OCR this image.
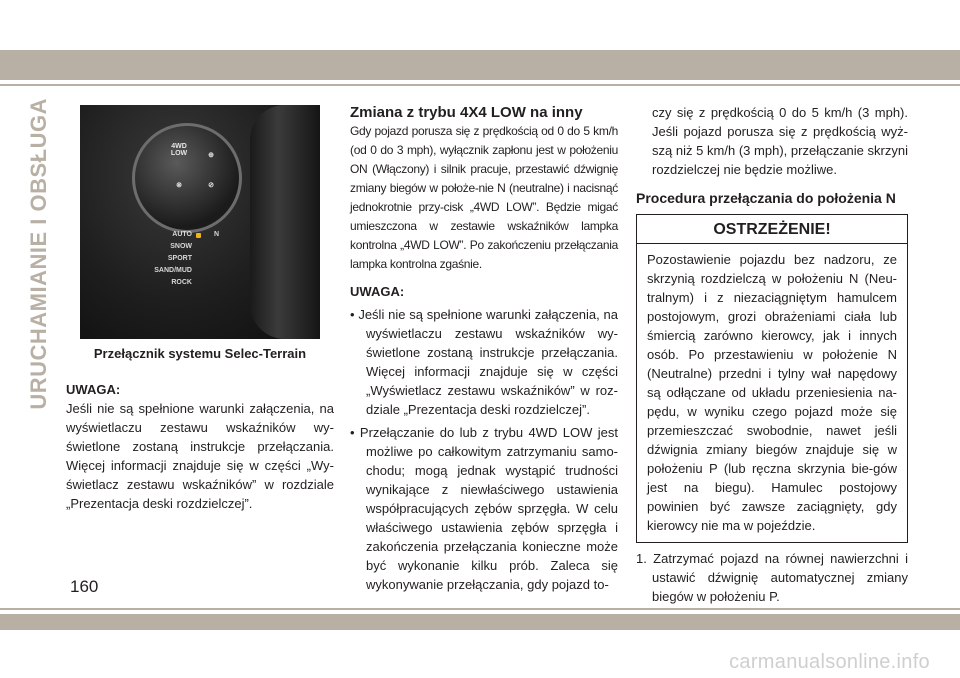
URUCHAMIANIE I OBSŁUGA	4WD LOW	⊕
⊗	⊘
AUTO
SNOW
SPORT
SAND/MUD
ROCK
N
Przełącznik systemu Selec-Terrain

UWAGA:

Jeśli nie są spełnione warunki załączenia, na wyświetlaczu zestawu wskaźników wy-świetlone zostaną instrukcje przełączania. Więcej informacji znajduje się w części „Wy-świetlacz zestawu wskaźników” w rozdziale „Prezentacja deski rozdzielczej”.

Zmiana z trybu 4X4 LOW na inny

Gdy pojazd porusza się z prędkością od 0 do 5 km/h (od 0 do 3 mph), wyłącznik zapłonu jest w położeniu ON (Włączony) i silnik pracuje, przestawić dźwignię zmiany biegów w położe-nie N (neutralne) i nacisnąć jednokrotnie przy-cisk „4WD LOW”. Będzie migać umieszczona w zestawie wskaźników lampka kontrolna „4WD LOW”. Po zakończeniu przełączania lampka kontrolna zgaśnie.

UWAGA:

• Jeśli nie są spełnione warunki załączenia, na wyświetlaczu zestawu wskaźników wy-świetlone zostaną instrukcje przełączania. Więcej informacji znajduje się w części „Wyświetlacz zestawu wskaźników” w roz-dziale „Prezentacja deski rozdzielczej”.

• Przełączanie do lub z trybu 4WD LOW jest możliwe po całkowitym zatrzymaniu samo-chodu; mogą jednak wystąpić trudności wynikające z niewłaściwego ustawienia współpracujących zębów sprzęgła. W celu właściwego ustawienia zębów sprzęgła i zakończenia przełączania konieczne może być wykonanie kilku prób. Zaleca się wykonywanie przełączania, gdy pojazd to-

czy się z prędkością 0 do 5 km/h (3 mph). Jeśli pojazd porusza się z prędkością wyż-szą niż 5 km/h (3 mph), przełączanie skrzyni rozdzielczej nie będzie możliwe.

Procedura przełączania do położenia N

OSTRZEŻENIE!
Pozostawienie pojazdu bez nadzoru, ze skrzynią rozdzielczą w położeniu N (Neu-tralnym) i z niezaciągniętym hamulcem postojowym, grozi obrażeniami ciała lub śmiercią zarówno kierowcy, jak i innych osób. Po przestawieniu w położenie N (Neutralne) przedni i tylny wał napędowy są odłączane od układu przeniesienia na-pędu, w wyniku czego pojazd może się przemieszczać swobodnie, nawet jeśli dźwignia zmiany biegów znajduje się w położeniu P (lub ręczna skrzynia bie-gów jest na biegu). Hamulec postojowy powinien być zawsze zaciągnięty, gdy kierowcy nie ma w pojeździe.

1. Zatrzymać pojazd na równej nawierzchni i ustawić dźwignię automatycznej zmiany biegów w położeniu P.

160
carmanualsonline.info
